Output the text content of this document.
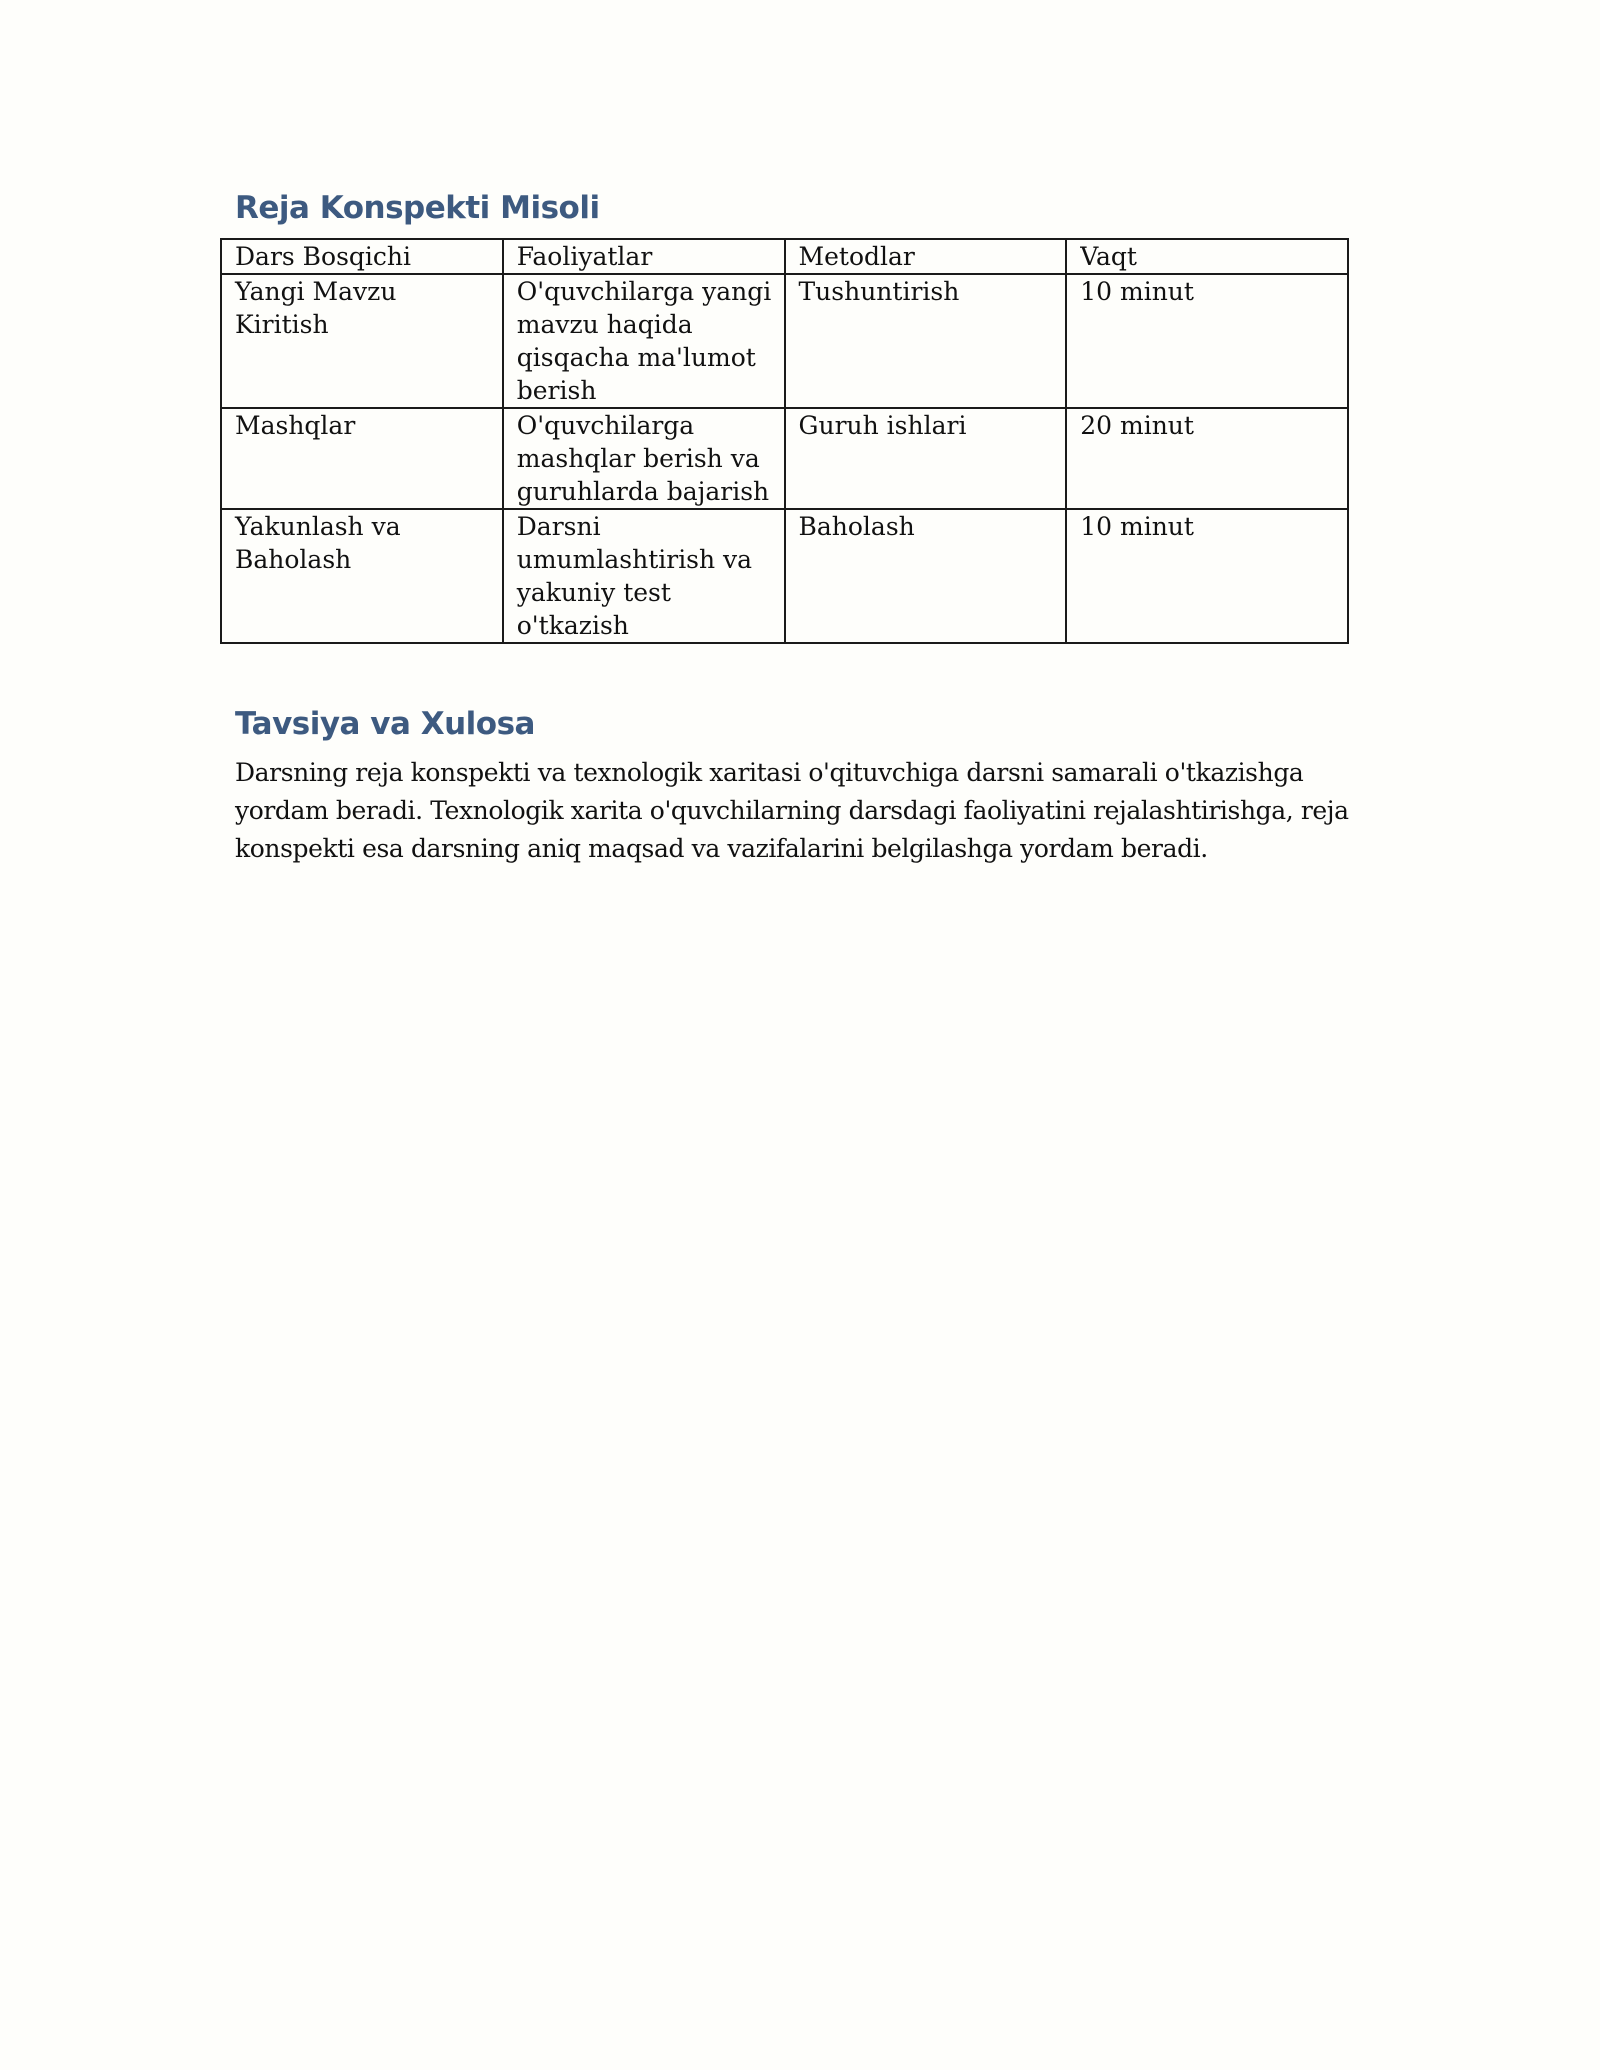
Reja Konspekti Misoli
Dars Bosqichi	Faoliyatlar	Metodlar	Vaqt
Yangi Mavzu Kiritish	O'quvchilarga yangi mavzu haqida qisqacha ma'lumot berish	Tushuntirish	10 minut
Mashqlar	O'quvchilarga mashqlar berish va guruhlarda bajarish	Guruh ishlari	20 minut
Yakunlash va Baholash	Darsni umumlashtirish va yakuniy test o'tkazish	Baholash	10 minut
Tavsiya va Xulosa

Darsning reja konspekti va texnologik xaritasi o'qituvchiga darsni samarali o'tkazishga yordam beradi. Texnologik xarita o'quvchilarning darsdagi faoliyatini rejalashtirishga, reja konspekti esa darsning aniq maqsad va vazifalarini belgilashga yordam beradi.
